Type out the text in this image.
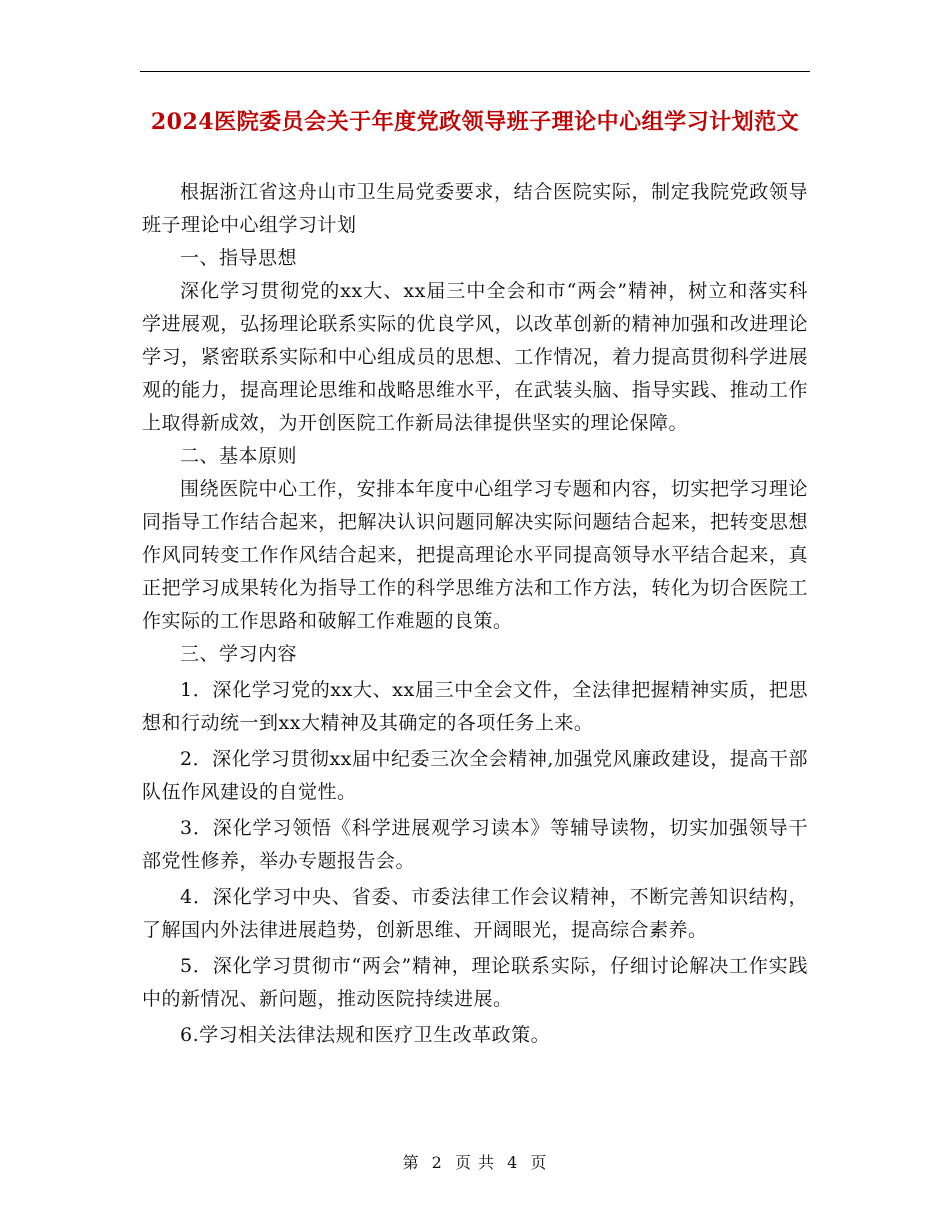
2024医院委员会关于年度党政领导班子理论中心组学习计划范文

根据浙江省这舟山市卫生局党委要求，结合医院实际，制定我院党政领导班子理论中心组学习计划

一、指导思想

深化学习贯彻党的xx大、xx届三中全会和市“两会”精神，树立和落实科学进展观，弘扬理论联系实际的优良学风，以改革创新的精神加强和改进理论学习，紧密联系实际和中心组成员的思想、工作情况，着力提高贯彻科学进展观的能力，提高理论思维和战略思维水平，在武装头脑、指导实践、推动工作上取得新成效，为开创医院工作新局法律提供坚实的理论保障。

二、基本原则

围绕医院中心工作，安排本年度中心组学习专题和内容，切实把学习理论同指导工作结合起来，把解决认识问题同解决实际问题结合起来，把转变思想作风同转变工作作风结合起来，把提高理论水平同提高领导水平结合起来，真正把学习成果转化为指导工作的科学思维方法和工作方法，转化为切合医院工作实际的工作思路和破解工作难题的良策。

三、学习内容

1．深化学习党的xx大、xx届三中全会文件，全法律把握精神实质，把思想和行动统一到xx大精神及其确定的各项任务上来。

2．深化学习贯彻xx届中纪委三次全会精神,加强党风廉政建设，提高干部队伍作风建设的自觉性。

3．深化学习领悟《科学进展观学习读本》等辅导读物，切实加强领导干部党性修养，举办专题报告会。

4．深化学习中央、省委、市委法律工作会议精神，不断完善知识结构，了解国内外法律进展趋势，创新思维、开阔眼光，提高综合素养。

5．深化学习贯彻市“两会”精神，理论联系实际，仔细讨论解决工作实践中的新情况、新问题，推动医院持续进展。

6.学习相关法律法规和医疗卫生改革政策。

第 2 页 共 4 页
